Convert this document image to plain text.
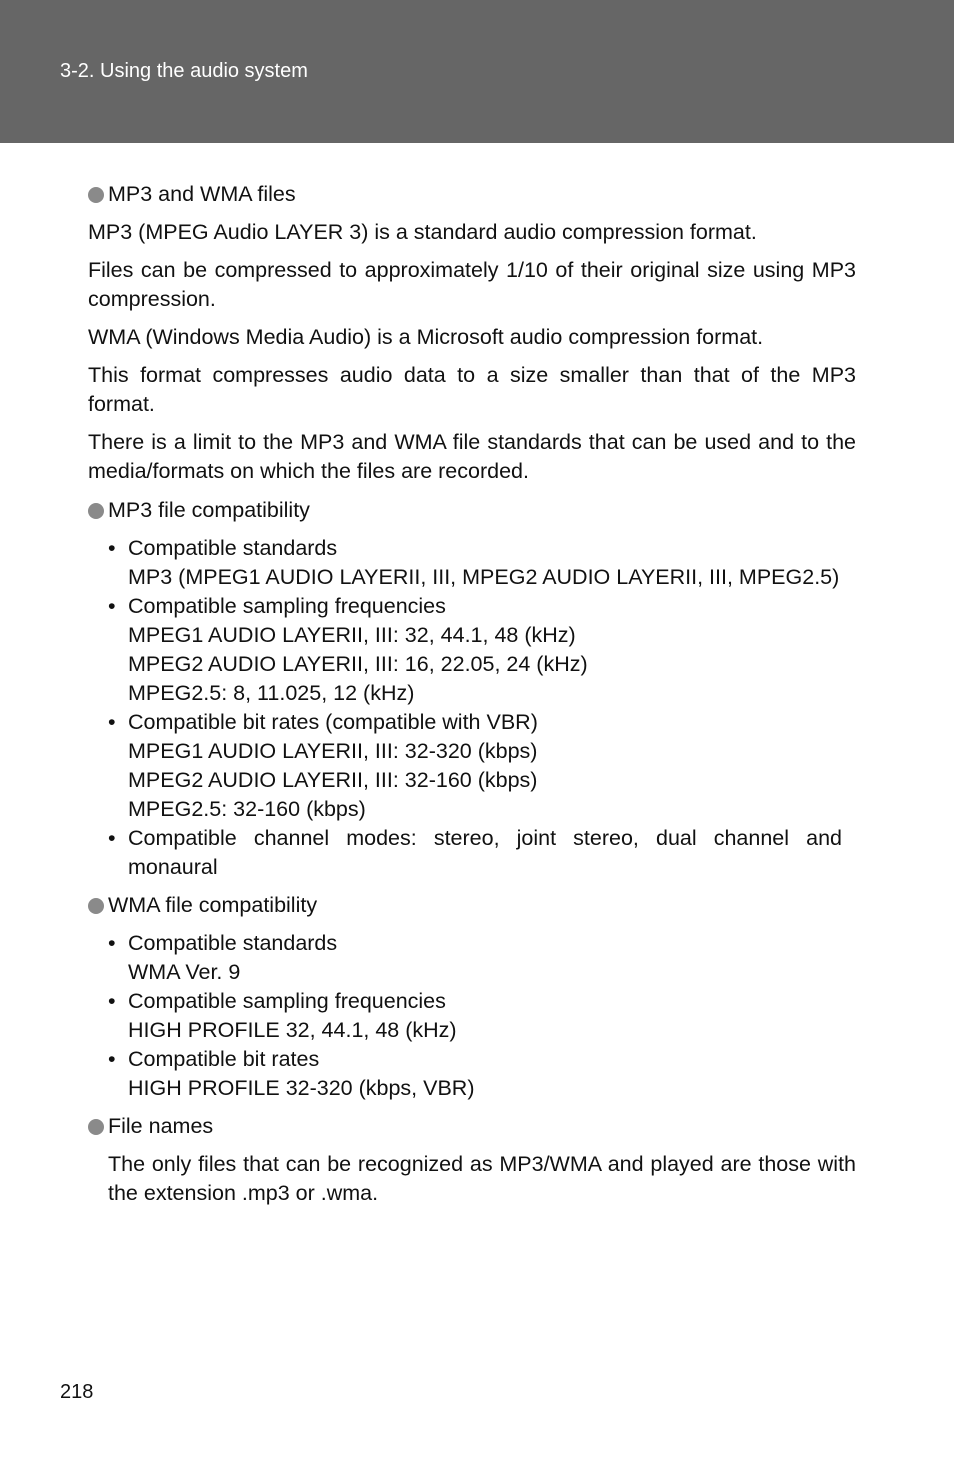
3-2. Using the audio system
MP3 and WMA files

MP3 (MPEG Audio LAYER 3) is a standard audio compression format.

Files can be compressed to approximately 1/10 of their original size using MP3 compression.

WMA (Windows Media Audio) is a Microsoft audio compression format.

This format compresses audio data to a size smaller than that of the MP3 format.

There is a limit to the MP3 and WMA file standards that can be used and to the media/formats on which the files are recorded.

MP3 file compatibility
• Compatible standards
MP3 (MPEG1 AUDIO LAYERII, III, MPEG2 AUDIO LAYERII, III, MPEG2.5)
• Compatible sampling frequencies
MPEG1 AUDIO LAYERII, III: 32, 44.1, 48 (kHz)
MPEG2 AUDIO LAYERII, III: 16, 22.05, 24 (kHz)
MPEG2.5: 8, 11.025, 12 (kHz)
• Compatible bit rates (compatible with VBR)
MPEG1 AUDIO LAYERII, III: 32-320 (kbps)
MPEG2 AUDIO LAYERII, III: 32-160 (kbps)
MPEG2.5: 32-160 (kbps)
• Compatible channel modes: stereo, joint stereo, dual channel and monaural
WMA file compatibility
• Compatible standards
WMA Ver. 9
• Compatible sampling frequencies
HIGH PROFILE 32, 44.1, 48 (kHz)
• Compatible bit rates
HIGH PROFILE 32-320 (kbps, VBR)
File names

The only files that can be recognized as MP3/WMA and played are those with the extension .mp3 or .wma.

218
